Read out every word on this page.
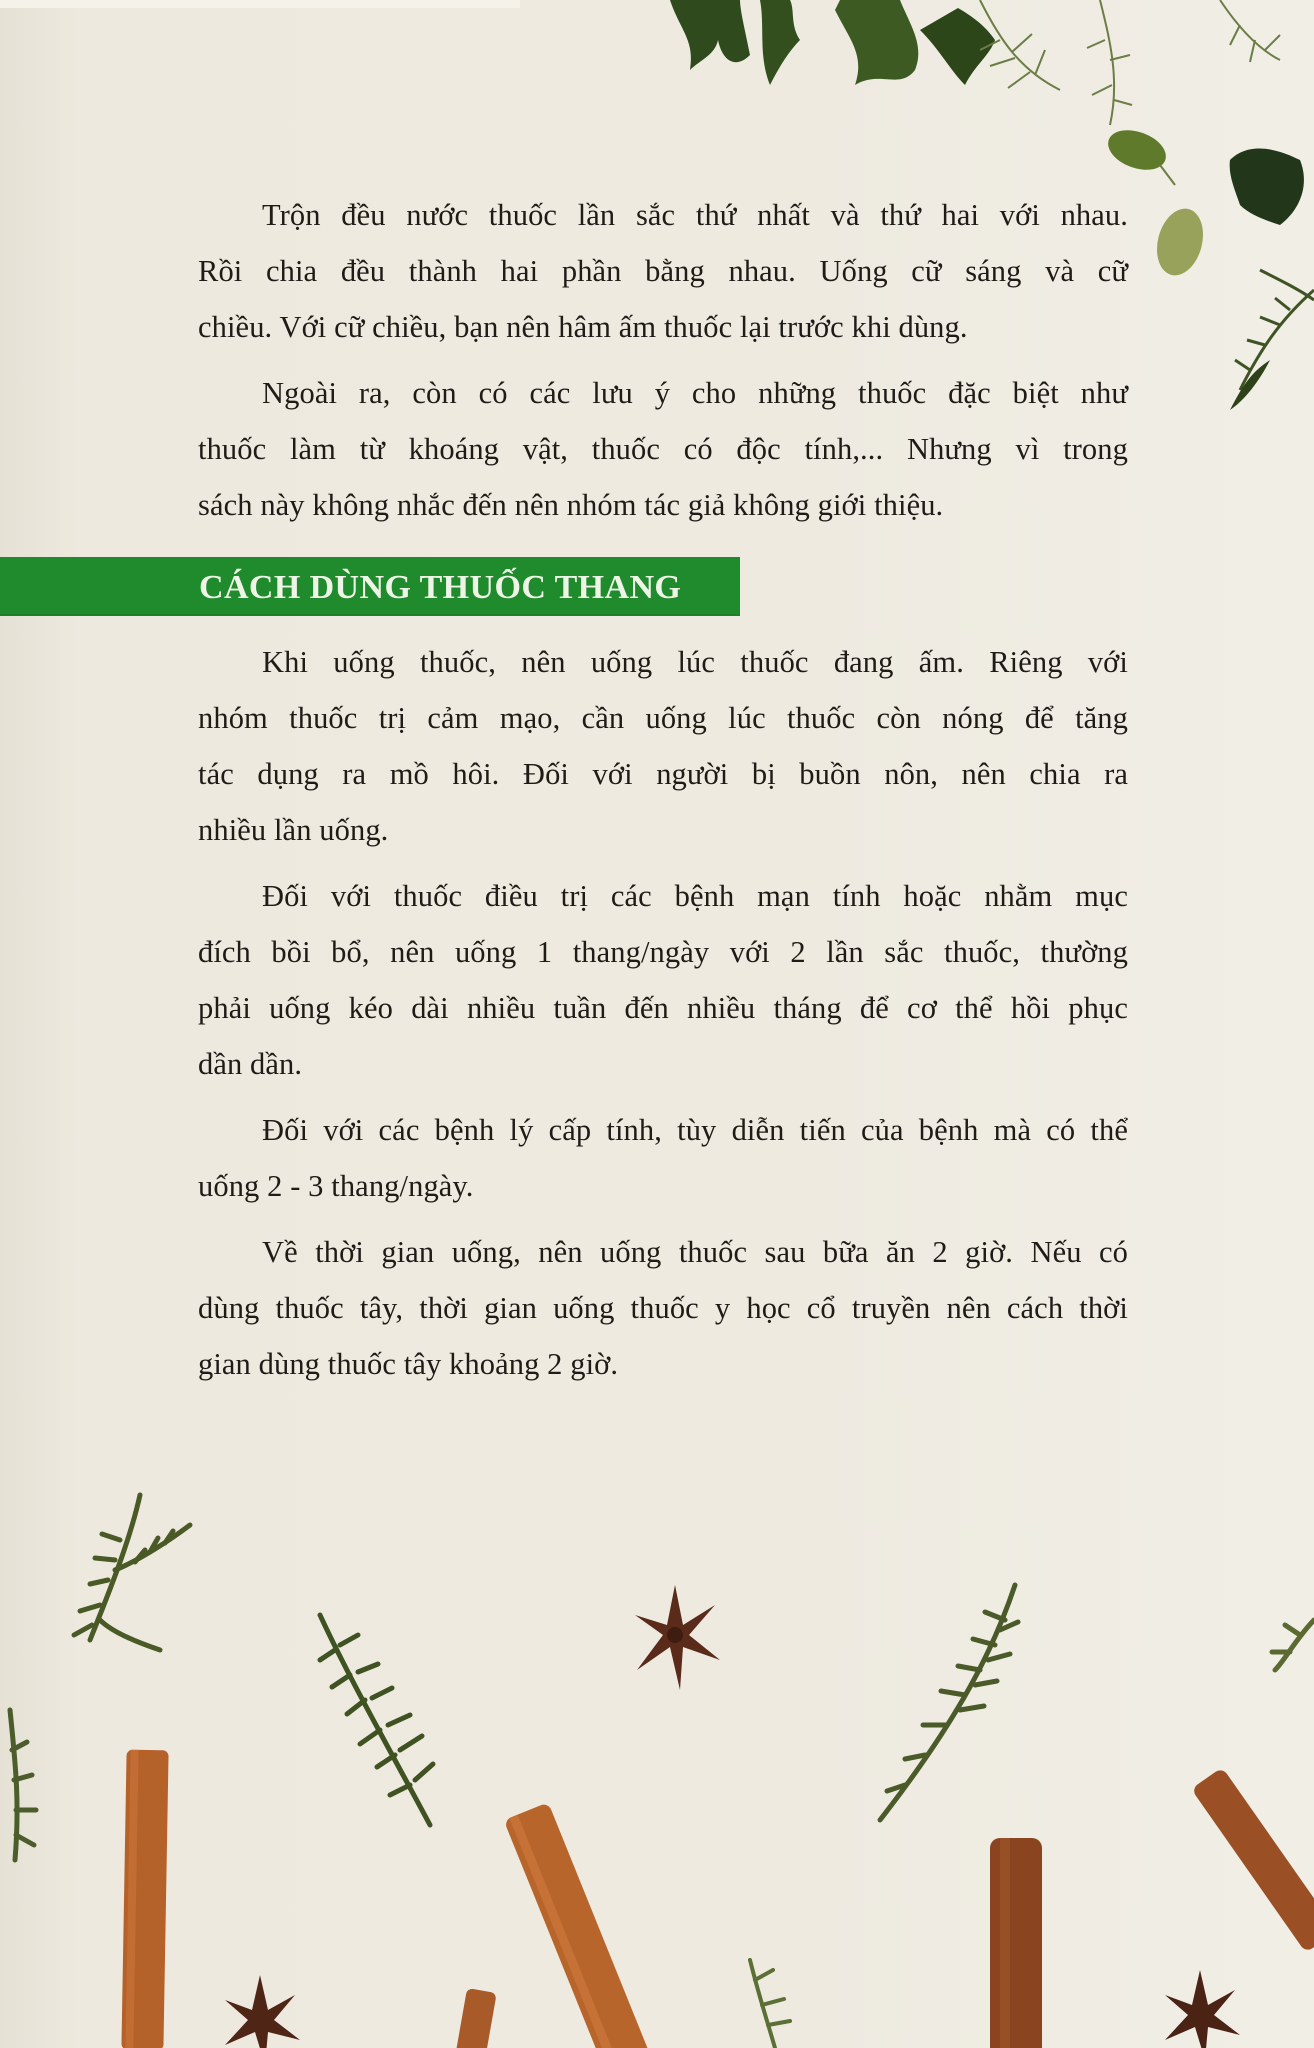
Trộn đều nước thuốc lần sắc thứ nhất và thứ hai với nhau.
Rồi chia đều thành hai phần bằng nhau. Uống cữ sáng và cữ
chiều. Với cữ chiều, bạn nên hâm ấm thuốc lại trước khi dùng.

Ngoài ra, còn có các lưu ý cho những thuốc đặc biệt như
thuốc làm từ khoáng vật, thuốc có độc tính,... Nhưng vì trong
sách này không nhắc đến nên nhóm tác giả không giới thiệu.

CÁCH DÙNG THUỐC THANG

Khi uống thuốc, nên uống lúc thuốc đang ấm. Riêng với
nhóm thuốc trị cảm mạo, cần uống lúc thuốc còn nóng để tăng
tác dụng ra mồ hôi. Đối với người bị buồn nôn, nên chia ra
nhiều lần uống.

Đối với thuốc điều trị các bệnh mạn tính hoặc nhằm mục
đích bồi bổ, nên uống 1 thang/ngày với 2 lần sắc thuốc, thường
phải uống kéo dài nhiều tuần đến nhiều tháng để cơ thể hồi phục
dần dần.

Đối với các bệnh lý cấp tính, tùy diễn tiến của bệnh mà có thể
uống 2 - 3 thang/ngày.

Về thời gian uống, nên uống thuốc sau bữa ăn 2 giờ. Nếu có
dùng thuốc tây, thời gian uống thuốc y học cổ truyền nên cách thời
gian dùng thuốc tây khoảng 2 giờ.
